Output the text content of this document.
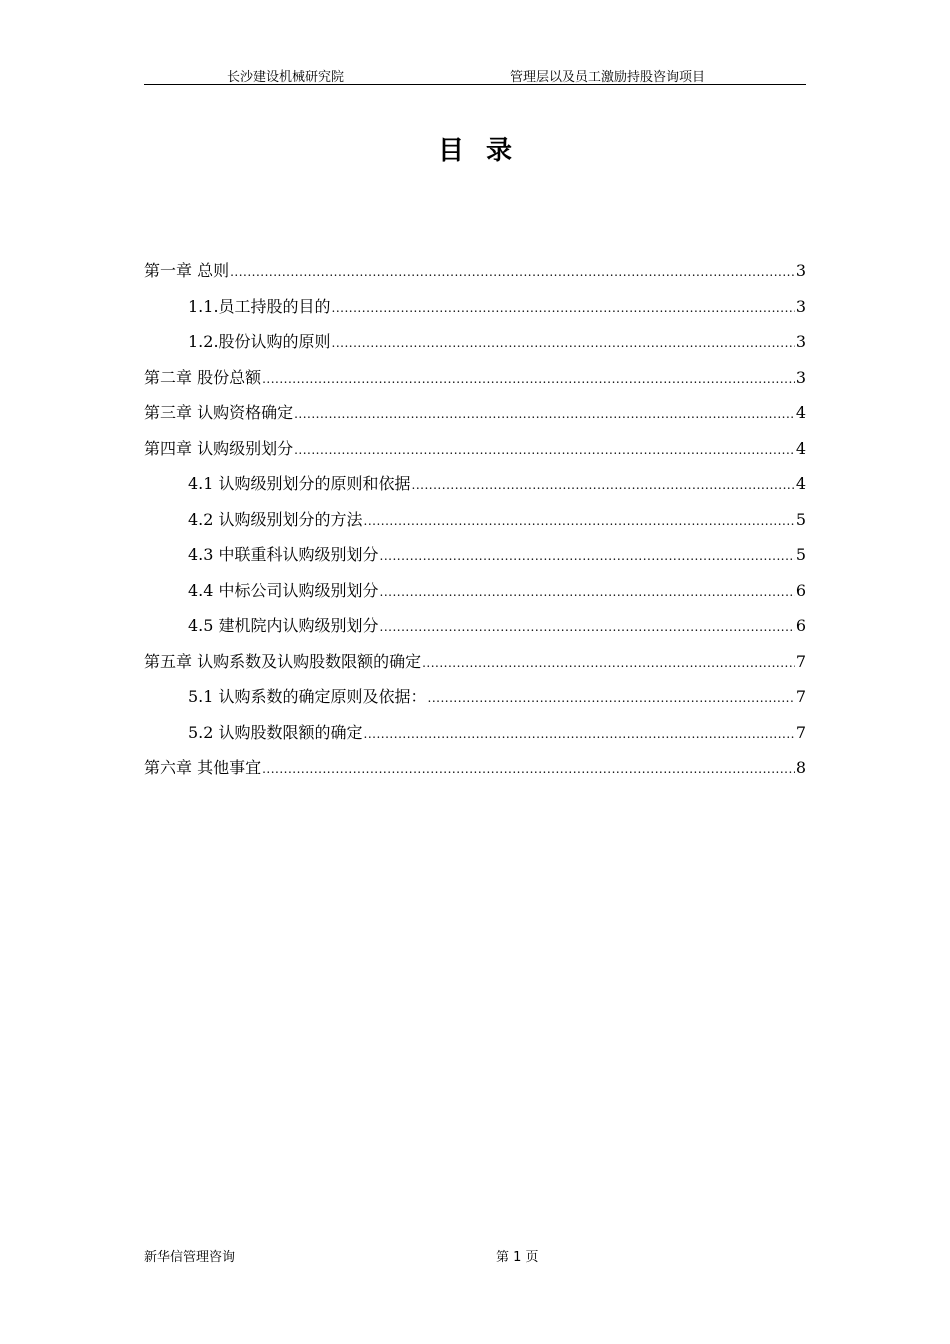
长沙建设机械研究院	管理层以及员工激励持股咨询项目
目录
第一章 总则 .....	3
1.1. 员工持股的目的 .....	3
1.2. 股份认购的原则 .....	3
第二章 股份总额 .....	3
第三章 认购资格确定 .....	4
第四章 认购级别划分 .....	4
4.1 认购级别划分的原则和依据 .....	4
4.2 认购级别划分的方法 .....	5
4.3 中联重科认购级别划分 .....	5
4.4 中标公司认购级别划分 .....	6
4.5 建机院内认购级别划分 .....	6
第五章 认购系数及认购股数限额的确定 .....	7
5.1 认购系数的确定原则及依据： .....	7
5.2 认购股数限额的确定 .....	7
第六章 其他事宜 .....	8
新华信管理咨询	第 1 页
